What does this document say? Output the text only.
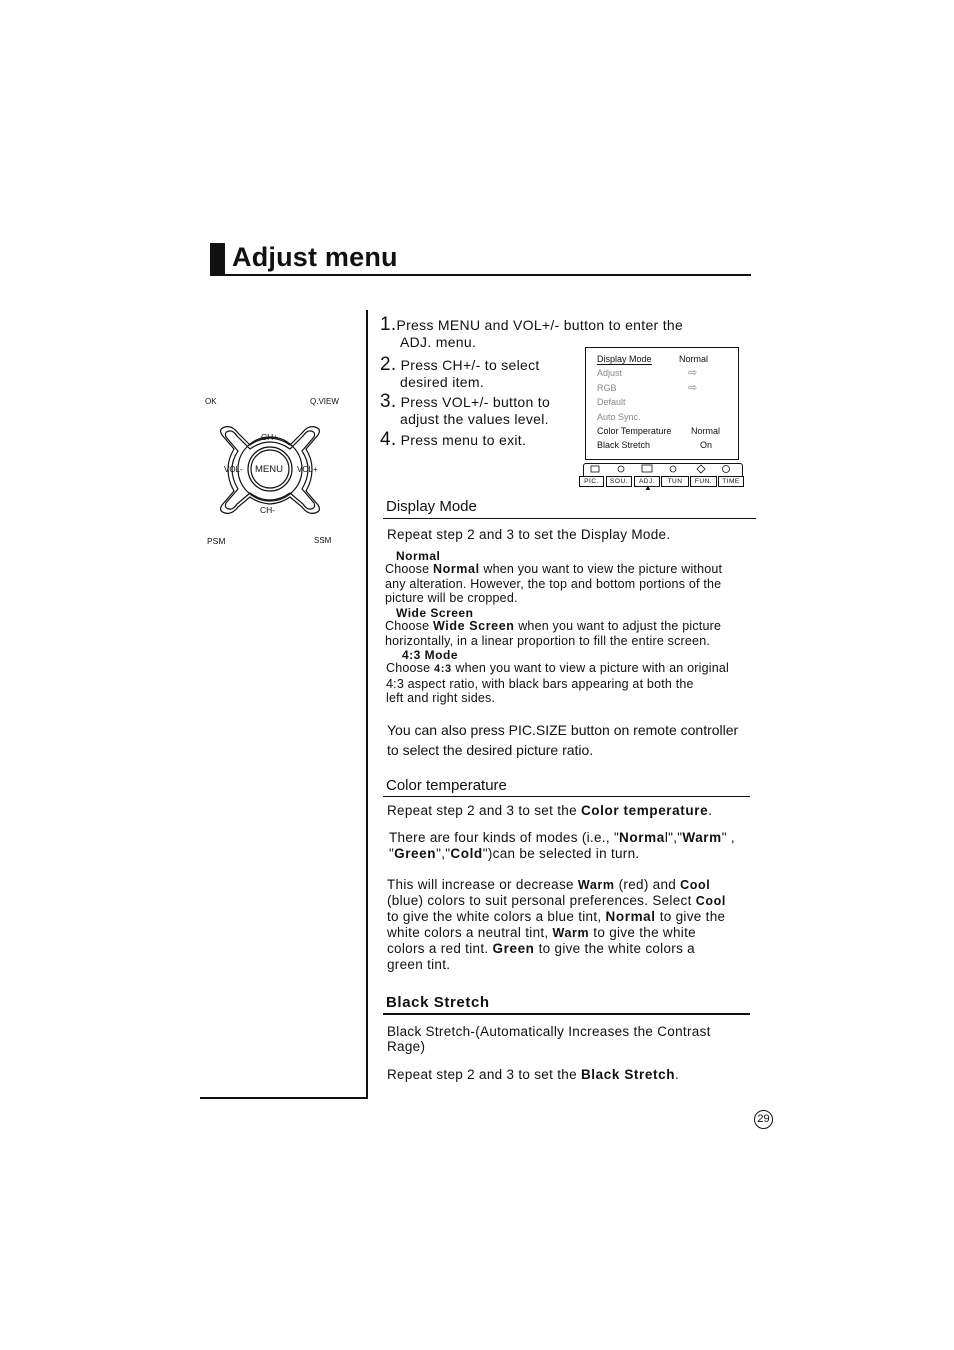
Adjust menu
OK	Q.VIEW
CH+
VOL- MENU VOL+
CH-
PSM	SSM
1.Press MENU and VOL+/- button to enter the
ADJ. menu.
2. Press CH+/- to select
desired item.
3. Press VOL+/- button to
adjust the values level.
4. Press menu to exit.
Display Mode	Normal
Adjust	⇨
RGB	⇨
Default
Auto Sync.
Color Temperature Normal
Black Stretch	On
PIC.	SOU.	ADJ.	TUN	FUN.	TIME
▲
Display Mode
Repeat step 2 and 3 to set the Display Mode.
Normal
Choose Normal when you want to view the picture without
any alteration. However, the top and bottom portions of the
picture will be cropped.
Wide Screen
Choose Wide Screen when you want to adjust the picture
horizontally, in a linear proportion to fill the entire screen.
4:3 Mode
Choose 4:3 when you want to view a picture with an original
4:3 aspect ratio, with black bars appearing at both the
left and right sides.
You can also press PIC.SIZE button on remote controller
to select the desired picture ratio.
Color temperature
Repeat step 2 and 3 to set the Color temperature.
There are four kinds of modes (i.e., "Normal","Warm" ,
"Green","Cold")can be selected in turn.
This will increase or decrease Warm (red) and Cool
(blue) colors to suit personal preferences. Select Cool
to give the white colors a blue tint, Normal to give the
white colors a neutral tint, Warm to give the white
colors a red tint. Green to give the white colors a
green tint.
Black Stretch
Black Stretch-(Automatically Increases the Contrast
Rage)
Repeat step 2 and 3 to set the Black Stretch.
29
